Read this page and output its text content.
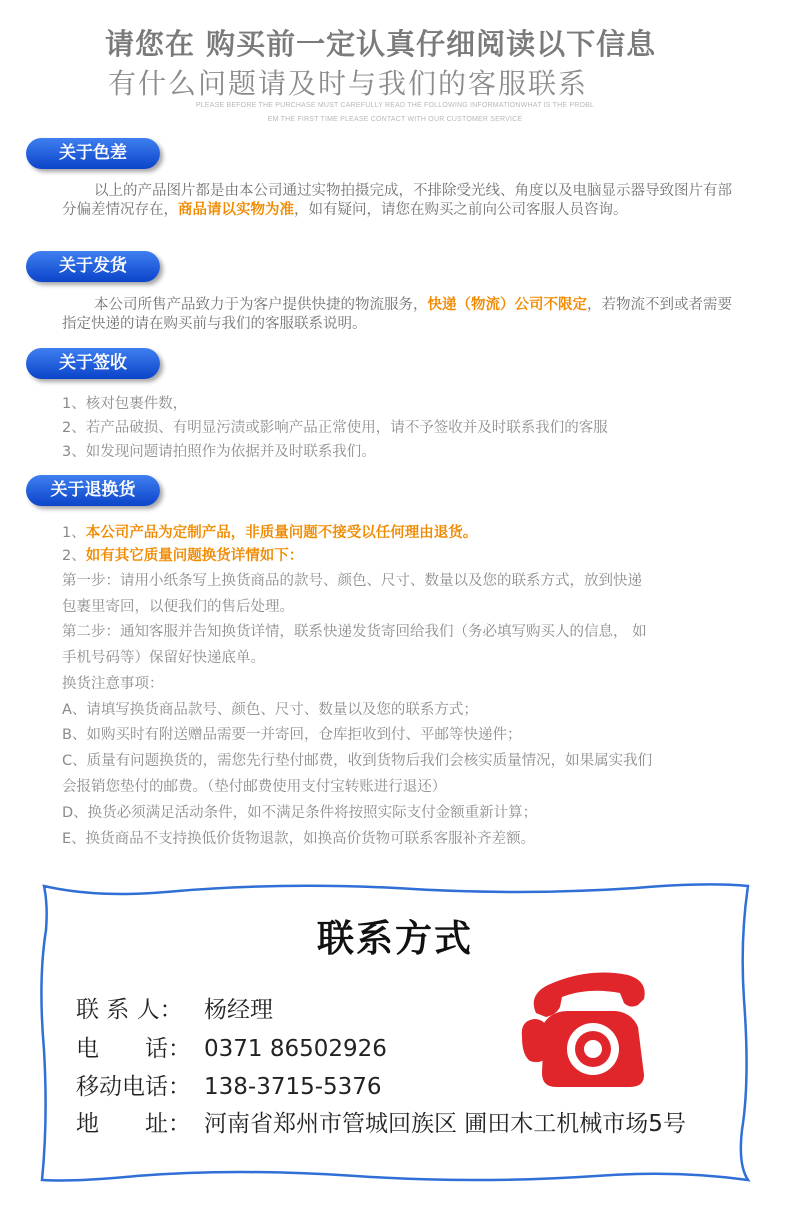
请您在 购买前一定认真仔细阅读以下信息
有什么问题请及时与我们的客服联系
PLEASE BEFORE THE PURCHASE MUST CAREFULLY READ THE FOLLOWING INFORMATIONWHAT IS THE PROBL
EM THE FIRST TIME PLEASE CONTACT WITH OUR CUSTOMER SERVICE
关于色差
以上的产品图片都是由本公司通过实物拍摄完成，不排除受光线、角度以及电脑显示器导致图片有部分偏差情况存在，商品请以实物为准，如有疑问，请您在购买之前向公司客服人员咨询。
关于发货
本公司所售产品致力于为客户提供快捷的物流服务，快递（物流）公司不限定，若物流不到或者需要指定快递的请在购买前与我们的客服联系说明。
关于签收
1、核对包裹件数，
2、若产品破损、有明显污渍或影响产品正常使用，请不予签收并及时联系我们的客服
3、如发现问题请拍照作为依据并及时联系我们。
关于退换货
1、本公司产品为定制产品，非质量问题不接受以任何理由退货。
2、如有其它质量问题换货详情如下：
第一步：请用小纸条写上换货商品的款号、颜色、尺寸、数量以及您的联系方式，放到快递
包裹里寄回，以便我们的售后处理。
第二步：通知客服并告知换货详情，联系快递发货寄回给我们（务必填写购买人的信息， 如
手机号码等）保留好快递底单。
换货注意事项：
A、请填写换货商品款号、颜色、尺寸、数量以及您的联系方式；
B、如购买时有附送赠品需要一并寄回，仓库拒收到付、平邮等快递件；
C、质量有问题换货的，需您先行垫付邮费，收到货物后我们会核实质量情况，如果属实我们
会报销您垫付的邮费。（垫付邮费使用支付宝转账进行退还）
D、换货必须满足活动条件，如不满足条件将按照实际支付金额重新计算；
E、换货商品不支持换低价货物退款，如换高价货物可联系客服补齐差额。
联系方式
联 系 人： 杨经理
电　　话： 0371 86502926
移动电话： 138-3715-5376
地　　址： 河南省郑州市管城回族区 圃田木工机械市场5号
